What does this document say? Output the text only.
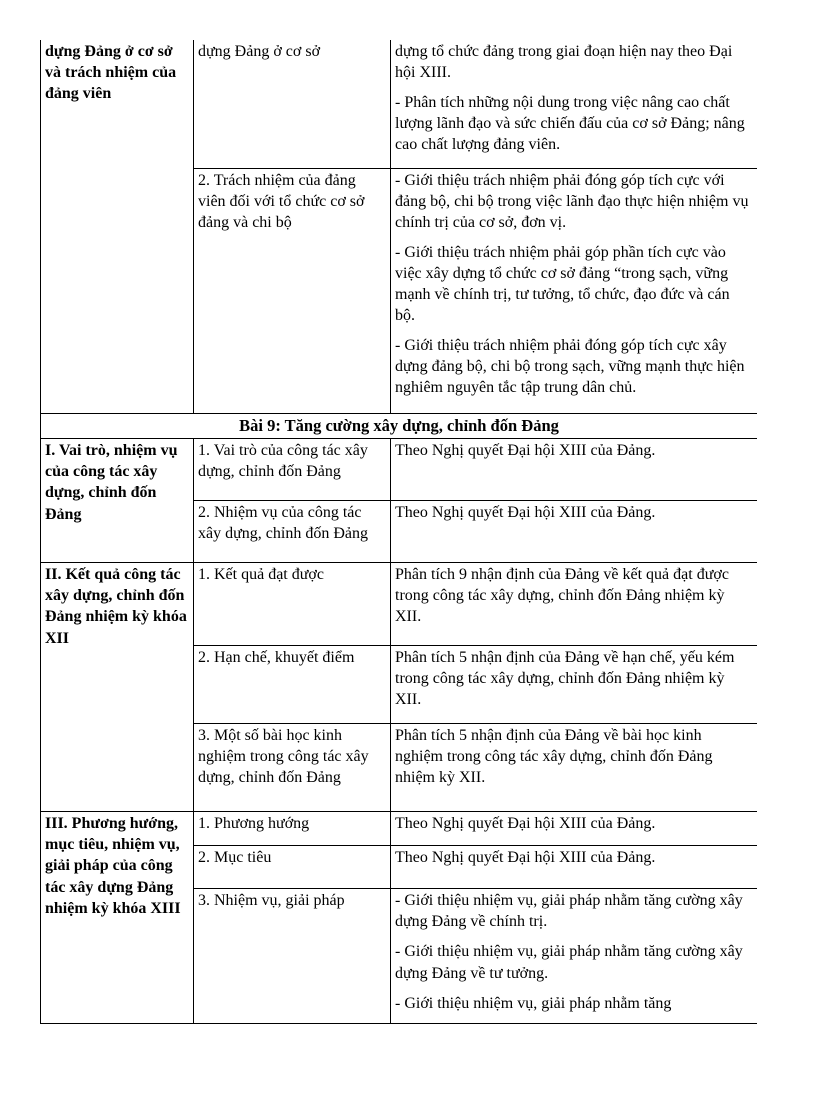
dựng Đảng ở cơ sở và trách nhiệm của đảng viên	dựng Đảng ở cơ sở	dựng tổ chức đảng trong giai đoạn hiện nay theo Đại hội XIII.

- Phân tích những nội dung trong việc nâng cao chất lượng lãnh đạo và sức chiến đấu của cơ sở Đảng; nâng cao chất lượng đảng viên.

	2. Trách nhiệm của đảng viên đối với tổ chức cơ sở đảng và chi bộ	- Giới thiệu trách nhiệm phải đóng góp tích cực với đảng bộ, chi bộ trong việc lãnh đạo thực hiện nhiệm vụ chính trị của cơ sở, đơn vị.

- Giới thiệu trách nhiệm phải góp phần tích cực vào việc xây dựng tổ chức cơ sở đảng “trong sạch, vững mạnh về chính trị, tư tưởng, tổ chức, đạo đức và cán bộ.

- Giới thiệu trách nhiệm phải đóng góp tích cực xây dựng đảng bộ, chi bộ trong sạch, vững mạnh thực hiện nghiêm nguyên tắc tập trung dân chủ.

Bài 9: Tăng cường xây dựng, chỉnh đốn Đảng		

I. Vai trò, nhiệm vụ của công tác xây dựng, chỉnh đốn Đảng	1. Vai trò của công tác xây dựng, chỉnh đốn Đảng	Theo Nghị quyết Đại hội XIII của Đảng.

	2. Nhiệm vụ của công tác xây dựng, chỉnh đốn Đảng	Theo Nghị quyết Đại hội XIII của Đảng.

II. Kết quả công tác xây dựng, chỉnh đốn Đảng nhiệm kỳ khóa XII	1. Kết quả đạt được	Phân tích 9 nhận định của Đảng về kết quả đạt được trong công tác xây dựng, chỉnh đốn Đảng nhiệm kỳ XII.

	2. Hạn chế, khuyết điểm	Phân tích 5 nhận định của Đảng về hạn chế, yếu kém trong công tác xây dựng, chỉnh đốn Đảng nhiệm kỳ XII.

	3. Một số bài học kinh nghiệm trong công tác xây dựng, chỉnh đốn Đảng	Phân tích 5 nhận định của Đảng về bài học kinh nghiệm trong công tác xây dựng, chỉnh đốn Đảng nhiệm kỳ XII.

III. Phương hướng, mục tiêu, nhiệm vụ, giải pháp của công tác xây dựng Đảng nhiệm kỳ khóa XIII	1. Phương hướng	Theo Nghị quyết Đại hội XIII của Đảng.

	2. Mục tiêu	Theo Nghị quyết Đại hội XIII của Đảng.

	3. Nhiệm vụ, giải pháp	- Giới thiệu nhiệm vụ, giải pháp nhằm tăng cường xây dựng Đảng về chính trị.

- Giới thiệu nhiệm vụ, giải pháp nhằm tăng cường xây dựng Đảng về tư tưởng.

- Giới thiệu nhiệm vụ, giải pháp nhằm tăng
